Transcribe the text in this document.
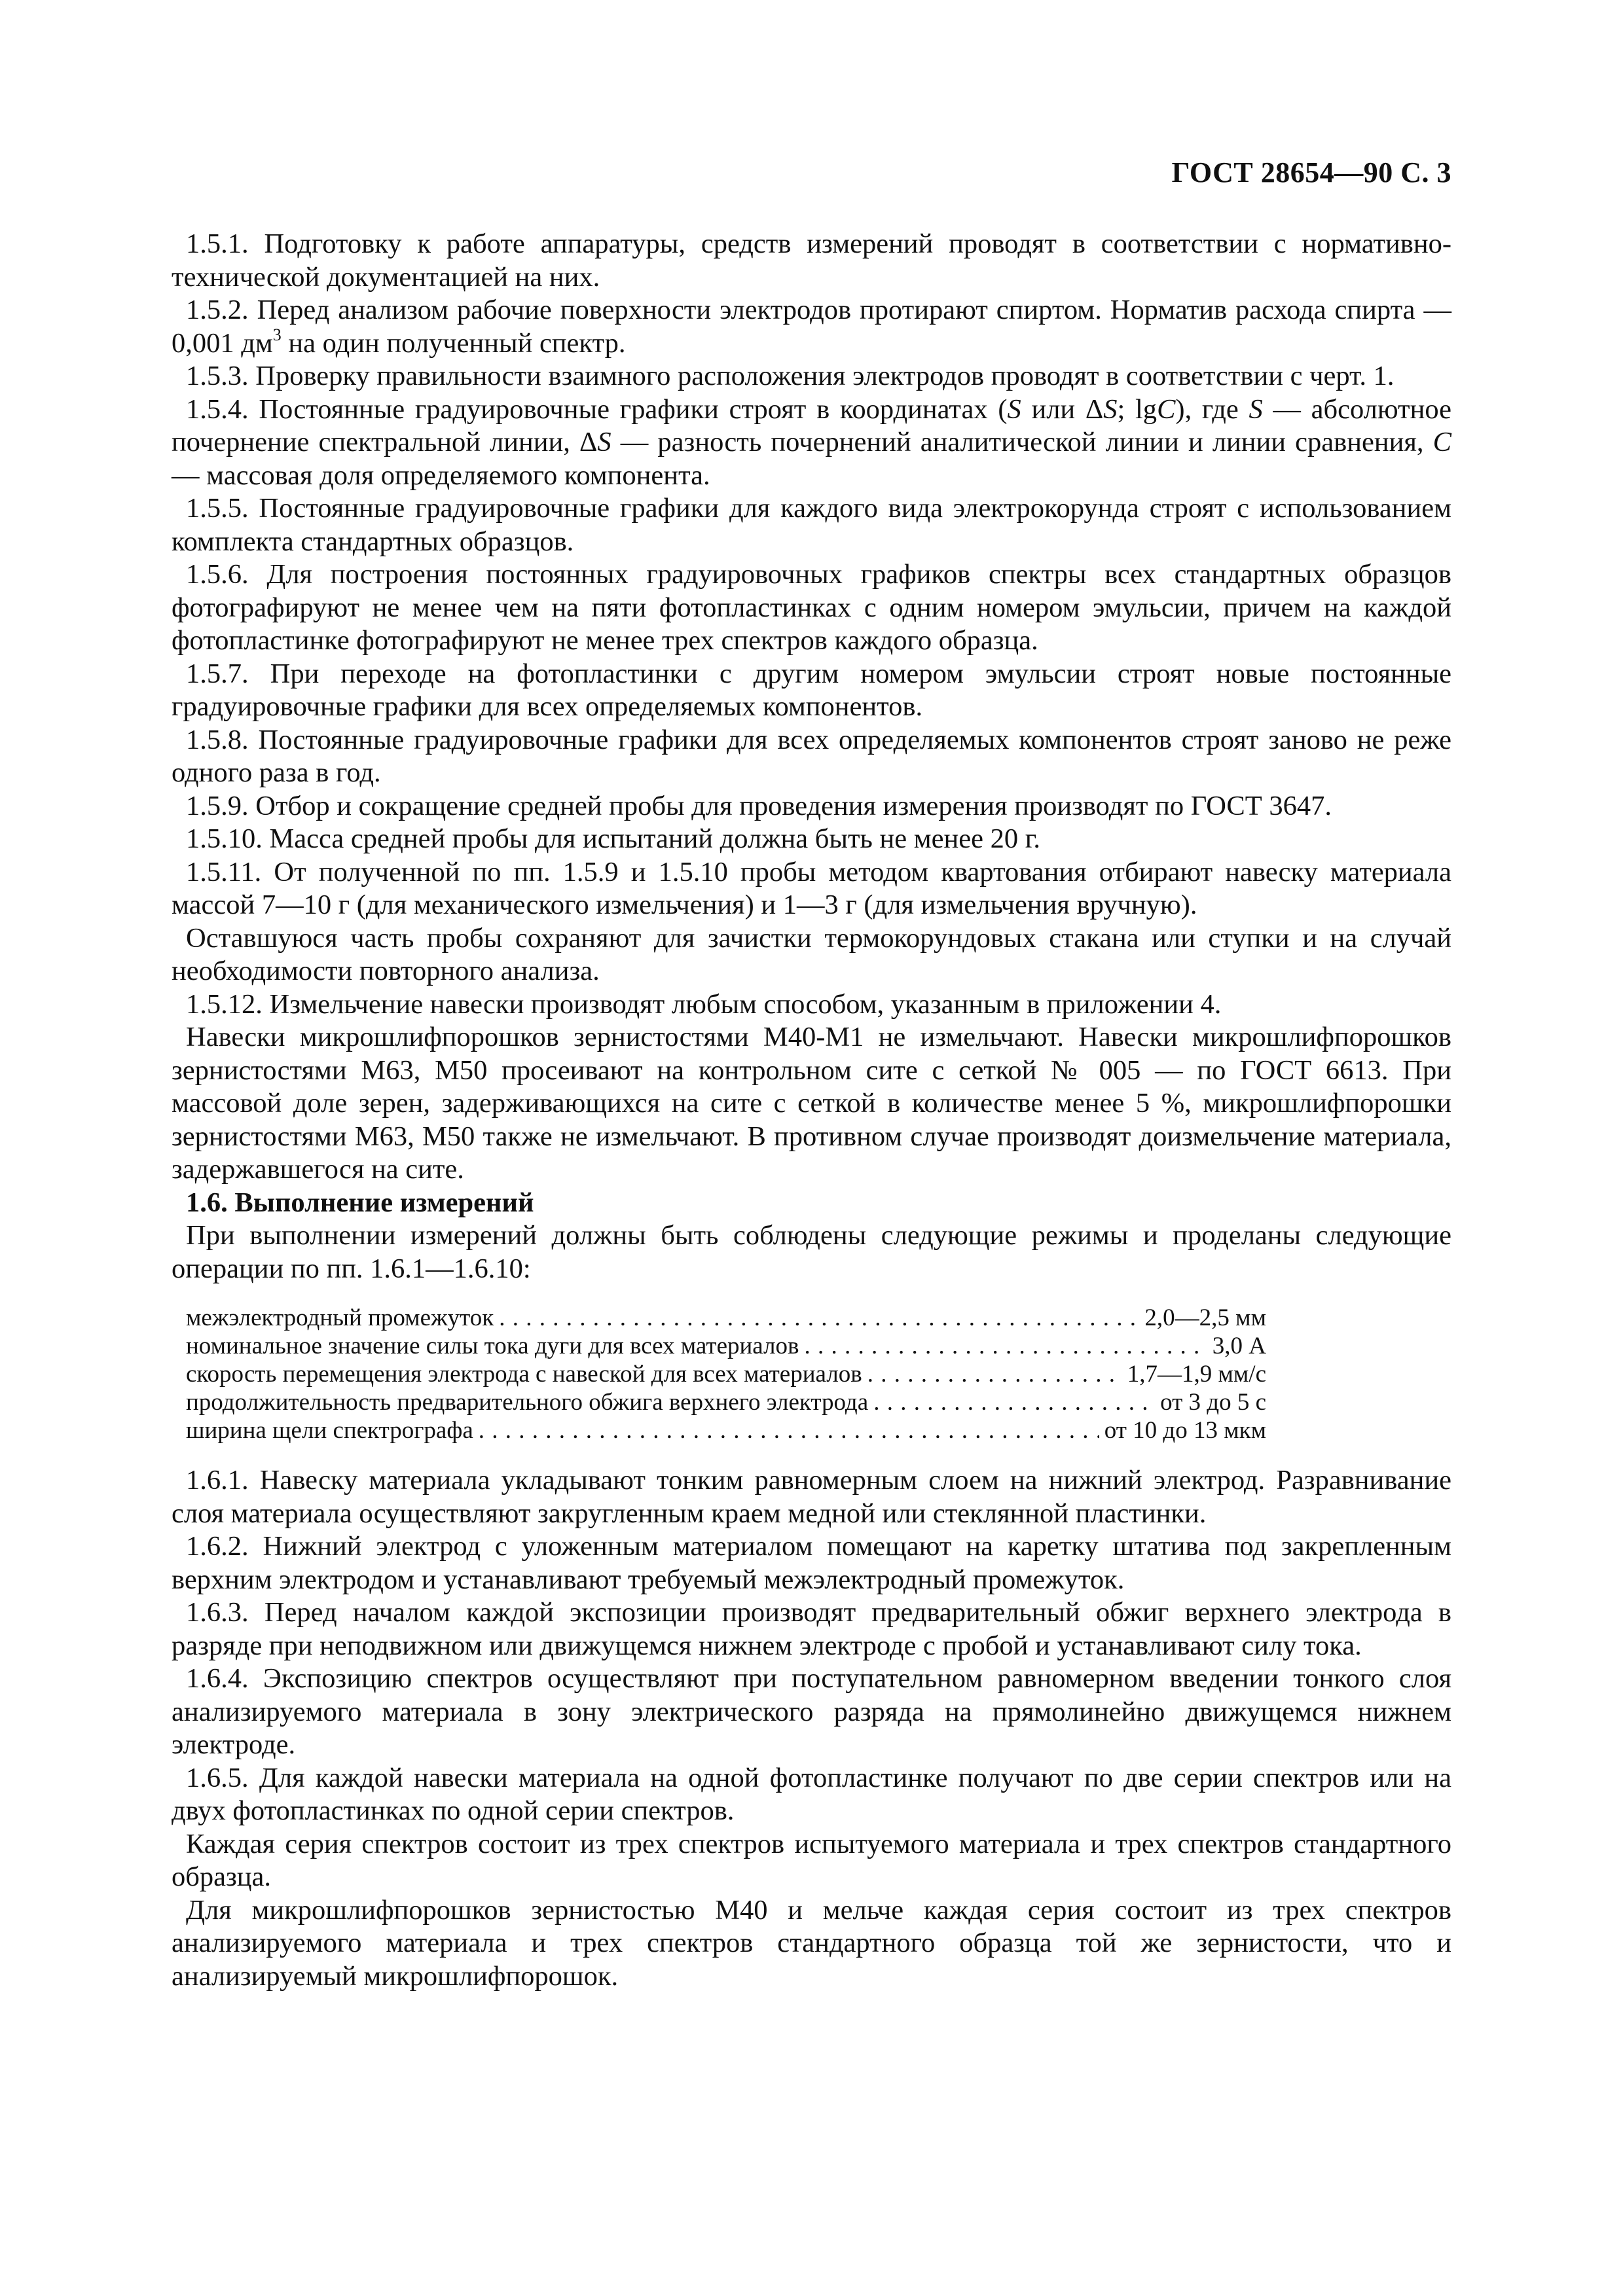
ГОСТ 28654—90 С. 3

1.5.1. Подготовку к работе аппаратуры, средств измерений проводят в соответствии с нормативно-технической документацией на них.

1.5.2. Перед анализом рабочие поверхности электродов протирают спиртом. Норматив расхода спирта — 0,001 $дм^3$ на один полученный спектр.

1.5.3. Проверку правильности взаимного расположения электродов проводят в соответствии с черт. 1.

1.5.4. Постоянные градуировочные графики строят в координатах (S или ΔS; lgC), где S — абсолютное почернение спектральной линии, ΔS — разность почернений аналитической линии и линии сравнения, C — массовая доля определяемого компонента.

1.5.5. Постоянные градуировочные графики для каждого вида электрокорунда строят с использованием комплекта стандартных образцов.

1.5.6. Для построения постоянных градуировочных графиков спектры всех стандартных образцов фотографируют не менее чем на пяти фотопластинках с одним номером эмульсии, причем на каждой фотопластинке фотографируют не менее трех спектров каждого образца.

1.5.7. При переходе на фотопластинки с другим номером эмульсии строят новые постоянные градуировочные графики для всех определяемых компонентов.

1.5.8. Постоянные градуировочные графики для всех определяемых компонентов строят заново не реже одного раза в год.

1.5.9. Отбор и сокращение средней пробы для проведения измерения производят по ГОСТ 3647.

1.5.10. Масса средней пробы для испытаний должна быть не менее 20 г.

1.5.11. От полученной по пп. 1.5.9 и 1.5.10 пробы методом квартования отбирают навеску материала массой 7—10 г (для механического измельчения) и 1—3 г (для измельчения вручную).

Оставшуюся часть пробы сохраняют для зачистки термокорундовых стакана или ступки и на случай необходимости повторного анализа.

1.5.12. Измельчение навески производят любым способом, указанным в приложении 4.

Навески микрошлифпорошков зернистостями М40-М1 не измельчают. Навески микрошлифпорошков зернистостями М63, М50 просеивают на контрольном сите с сеткой № 005 — по ГОСТ 6613. При массовой доле зерен, задерживающихся на сите с сеткой в количестве менее 5 %, микрошлифпорошки зернистостями М63, М50 также не измельчают. В противном случае производят доизмельчение материала, задержавшегося на сите.

1.6. Выполнение измерений

При выполнении измерений должны быть соблюдены следующие режимы и проделаны следующие операции по пп. 1.6.1—1.6.10:

межэлектродный промежуток . . .	2,0—2,5 мм
номинальное значение силы тока дуги для всех материалов . . .	3,0 А
скорость перемещения электрода с навеской для всех материалов . . .	1,7—1,9 мм/с
продолжительность предварительного обжига верхнего электрода . . .	от 3 до 5 с
ширина щели спектрографа . . .	от 10 до 13 мкм

1.6.1. Навеску материала укладывают тонким равномерным слоем на нижний электрод. Разравнивание слоя материала осуществляют закругленным краем медной или стеклянной пластинки.

1.6.2. Нижний электрод с уложенным материалом помещают на каретку штатива под закрепленным верхним электродом и устанавливают требуемый межэлектродный промежуток.

1.6.3. Перед началом каждой экспозиции производят предварительный обжиг верхнего электрода в разряде при неподвижном или движущемся нижнем электроде с пробой и устанавливают силу тока.

1.6.4. Экспозицию спектров осуществляют при поступательном равномерном введении тонкого слоя анализируемого материала в зону электрического разряда на прямолинейно движущемся нижнем электроде.

1.6.5. Для каждой навески материала на одной фотопластинке получают по две серии спектров или на двух фотопластинках по одной серии спектров.

Каждая серия спектров состоит из трех спектров испытуемого материала и трех спектров стандартного образца.

Для микрошлифпорошков зернистостью М40 и мельче каждая серия состоит из трех спектров анализируемого материала и трех спектров стандартного образца той же зернистости, что и анализируемый микрошлифпорошок.
